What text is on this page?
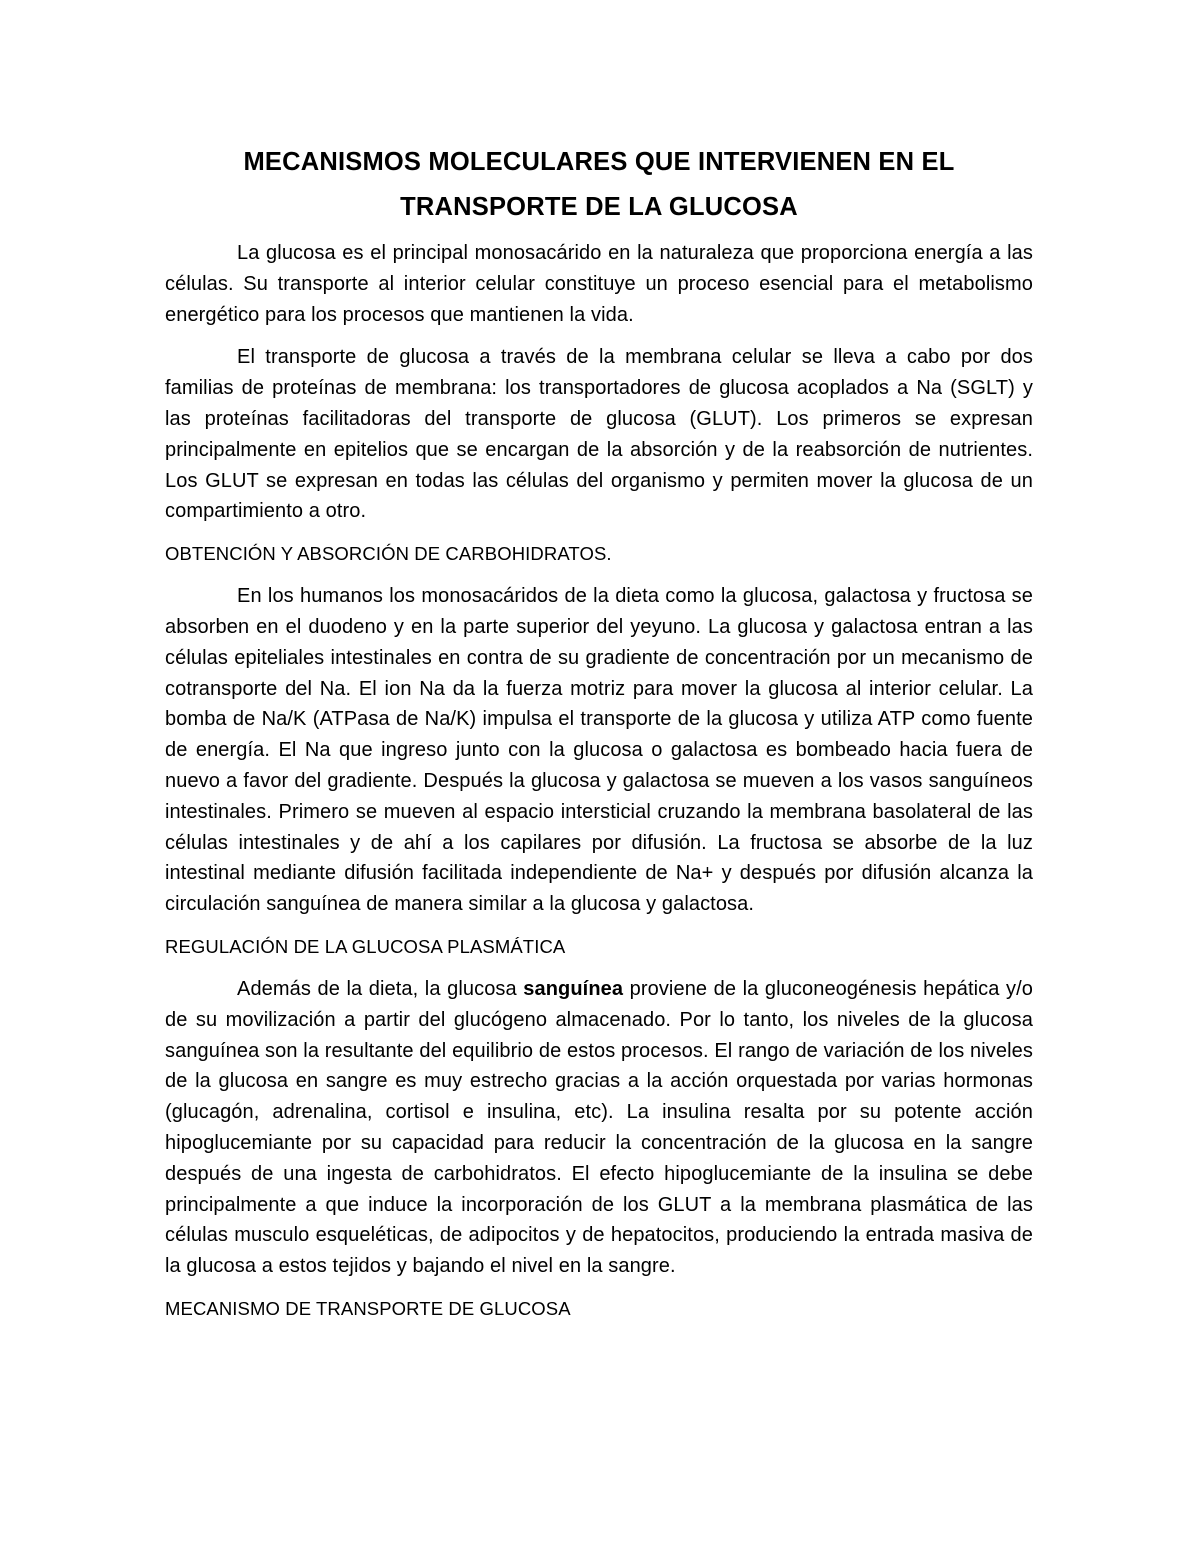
MECANISMOS MOLECULARES QUE INTERVIENEN EN EL
TRANSPORTE DE LA GLUCOSA

La glucosa es el principal monosacárido en la naturaleza que proporciona energía a las células. Su transporte al interior celular constituye un proceso esencial para el metabolismo energético para los procesos que mantienen la vida.

El transporte de glucosa a través de la membrana celular se lleva a cabo por dos familias de proteínas de membrana: los transportadores de glucosa acoplados a Na (SGLT) y las proteínas facilitadoras del transporte de glucosa (GLUT). Los primeros se expresan principalmente en epitelios que se encargan de la absorción y de la reabsorción de nutrientes. Los GLUT se expresan en todas las células del organismo y permiten mover la glucosa de un compartimiento a otro.

OBTENCIÓN Y ABSORCIÓN DE CARBOHIDRATOS.

En los humanos los monosacáridos de la dieta como la glucosa, galactosa y fructosa se absorben en el duodeno y en la parte superior del yeyuno. La glucosa y galactosa entran a las células epiteliales intestinales en contra de su gradiente de concentración por un mecanismo de cotransporte del Na. El ion Na da la fuerza motriz para mover la glucosa al interior celular. La bomba de Na/K (ATPasa de Na/K) impulsa el transporte de la glucosa y utiliza ATP como fuente de energía. El Na que ingreso junto con la glucosa o galactosa es bombeado hacia fuera de nuevo a favor del gradiente. Después la glucosa y galactosa se mueven a los vasos sanguíneos intestinales. Primero se mueven al espacio intersticial cruzando la membrana basolateral de las células intestinales y de ahí a los capilares por difusión. La fructosa se absorbe de la luz intestinal mediante difusión facilitada independiente de Na+ y después por difusión alcanza la circulación sanguínea de manera similar a la glucosa y galactosa.

REGULACIÓN DE LA GLUCOSA PLASMÁTICA

Además de la dieta, la glucosa sanguínea proviene de la gluconeogénesis hepática y/o de su movilización a partir del glucógeno almacenado. Por lo tanto, los niveles de la glucosa sanguínea son la resultante del equilibrio de estos procesos. El rango de variación de los niveles de la glucosa en sangre es muy estrecho gracias a la acción orquestada por varias hormonas (glucagón, adrenalina, cortisol e insulina, etc). La insulina resalta por su potente acción hipoglucemiante por su capacidad para reducir la concentración de la glucosa en la sangre después de una ingesta de carbohidratos. El efecto hipoglucemiante de la insulina se debe principalmente a que induce la incorporación de los GLUT a la membrana plasmática de las células musculo esqueléticas, de adipocitos y de hepatocitos, produciendo la entrada masiva de la glucosa a estos tejidos y bajando el nivel en la sangre.

MECANISMO DE TRANSPORTE DE GLUCOSA
